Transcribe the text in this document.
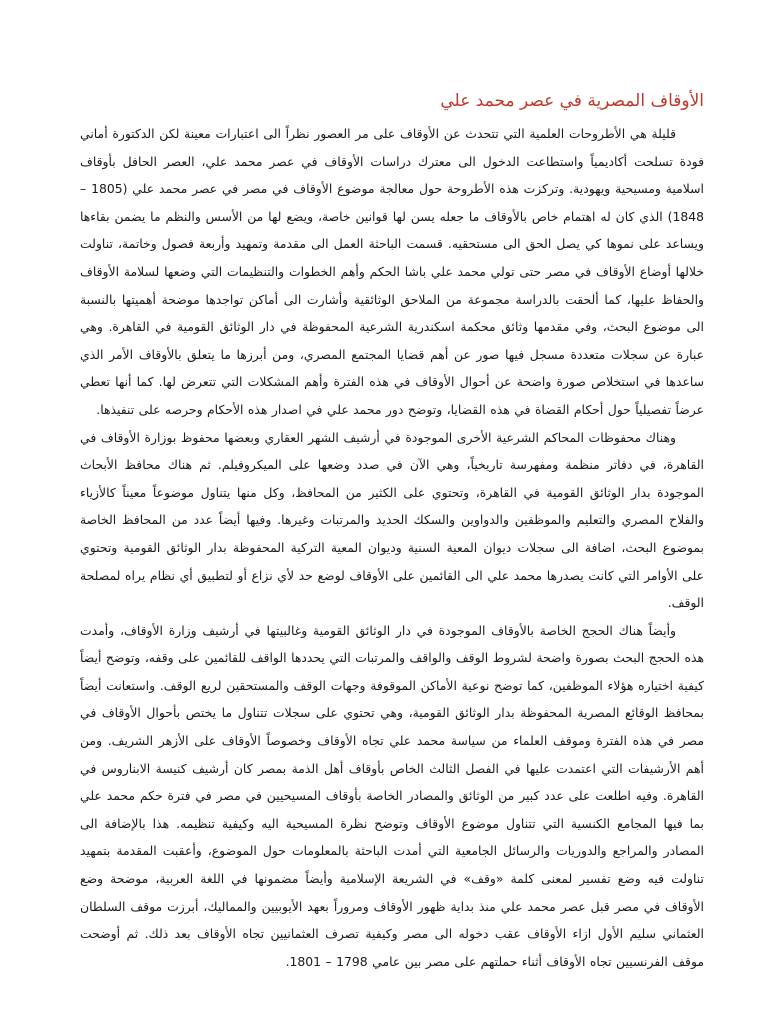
الأوقاف المصرية في عصر محمد علي

قليلة هي الأطروحات العلمية التي تتحدث عن الأوقاف على مر العصور نظراً الى اعتبارات معينة لكن الدكتورة أماني فودة تسلحت أكاديمياً واستطاعت الدخول الى معترك دراسات الأوقاف في عصر محمد علي، العصر الحافل بأوقاف اسلامية ومسيحية ويهودية. وتركزت هذه الأطروحة حول معالجة موضوع الأوقاف في مصر في عصر محمد علي (1805 – 1848) الذي كان له اهتمام خاص بالأوقاف ما جعله يسن لها قوانين خاصة، ويضع لها من الأسس والنظم ما يضمن بقاءها ويساعد على نموها كي يصل الحق الى مستحقيه. قسمت الباحثة العمل الى مقدمة وتمهيد وأربعة فصول وخاتمة، تناولت خلالها أوضاع الأوقاف في مصر حتى تولي محمد علي باشا الحكم وأهم الخطوات والتنظيمات التي وضعها لسلامة الأوقاف والحفاظ عليها، كما ألحقت بالدراسة مجموعة من الملاحق الوثائقية وأشارت الى أماكن تواجدها موضحة أهميتها بالنسبة الى موضوع البحث، وفي مقدمها وثائق محكمة اسكندرية الشرعية المحفوظة في دار الوثائق القومية في القاهرة. وهي عبارة عن سجلات متعددة مسجل فيها صور عن أهم قضايا المجتمع المصري، ومن أبرزها ما يتعلق بالأوقاف الأمر الذي ساعدها في استخلاص صورة واضحة عن أحوال الأوقاف في هذه الفترة وأهم المشكلات التي تتعرض لها. كما أنها تعطي عرضاً تفصيلياً حول أحكام القضاة في هذه القضايا، وتوضح دور محمد علي في اصدار هذه الأحكام وحرصه على تنفيذها.

وهناك محفوظات المحاكم الشرعية الأخرى الموجودة في أرشيف الشهر العقاري وبعضها محفوظ بوزارة الأوقاف في القاهرة، في دفاتر منظمة ومفهرسة تاريخياً، وهي الآن في صدد وضعها على الميكروفيلم. ثم هناك محافظ الأبحاث الموجودة بدار الوثائق القومية في القاهرة، وتحتوي على الكثير من المحافظ، وكل منها يتناول موضوعاً معيناً كالأزياء والفلاح المصري والتعليم والموظفين والدواوين والسكك الحديد والمرتبات وغيرها. وفيها أيضاً عدد من المحافظ الخاصة بموضوع البحث، اضافة الى سجلات ديوان المعية السنية وديوان المعية التركية المحفوظة بدار الوثائق القومية وتحتوي على الأوامر التي كانت يصدرها محمد علي الى القائمين على الأوقاف لوضع حد لأي نزاع أو لتطبيق أي نظام يراه لمصلحة الوقف.

وأيضاً هناك الحجج الخاصة بالأوقاف الموجودة في دار الوثائق القومية وغالبيتها في أرشيف وزارة الأوقاف، وأمدت هذه الحجج البحث بصورة واضحة لشروط الوقف والواقف والمرتبات التي يحددها الواقف للقائمين على وقفه، وتوضح أيضاً كيفية اختياره هؤلاء الموظفين، كما توضح نوعية الأماكن الموقوفة وجهات الوقف والمستحقين لريع الوقف. واستعانت أيضاً بمحافظ الوقائع المصرية المحفوظة بدار الوثائق القومية، وهي تحتوي على سجلات تتناول ما يختص بأحوال الأوقاف في مصر في هذه الفترة وموقف العلماء من سياسة محمد علي تجاه الأوقاف وخصوصاً الأوقاف على الأزهر الشريف. ومن أهم الأرشيفات التي اعتمدت عليها في الفصل الثالث الخاص بأوقاف أهل الذمة بمصر كان أرشيف كنيسة الابناروس في القاهرة. وفيه اطلعت على عدد كبير من الوثائق والمصادر الخاصة بأوقاف المسيحيين في مصر في فترة حكم محمد علي بما فيها المجامع الكنسية التي تتناول موضوع الأوقاف وتوضح نظرة المسيحية اليه وكيفية تنظيمه. هذا بالإضافة الى المصادر والمراجع والدوريات والرسائل الجامعية التي أمدت الباحثة بالمعلومات حول الموضوع، وأعقبت المقدمة بتمهيد تناولت فيه وضع تفسير لمعنى كلمة «وقف» في الشريعة الإسلامية وأيضاً مضمونها في اللغة العربية، موضحة وضع الأوقاف في مصر قبل عصر محمد علي منذ بداية ظهور الأوقاف ومروراً بعهد الأيوبيين والمماليك، أبرزت موقف السلطان العثماني سليم الأول ازاء الأوقاف عقب دخوله الى مصر وكيفية تصرف العثمانيين تجاه الأوقاف بعد ذلك. ثم أوضحت موقف الفرنسيين تجاه الأوقاف أثناء حملتهم على مصر بين عامي 1798 – 1801.
